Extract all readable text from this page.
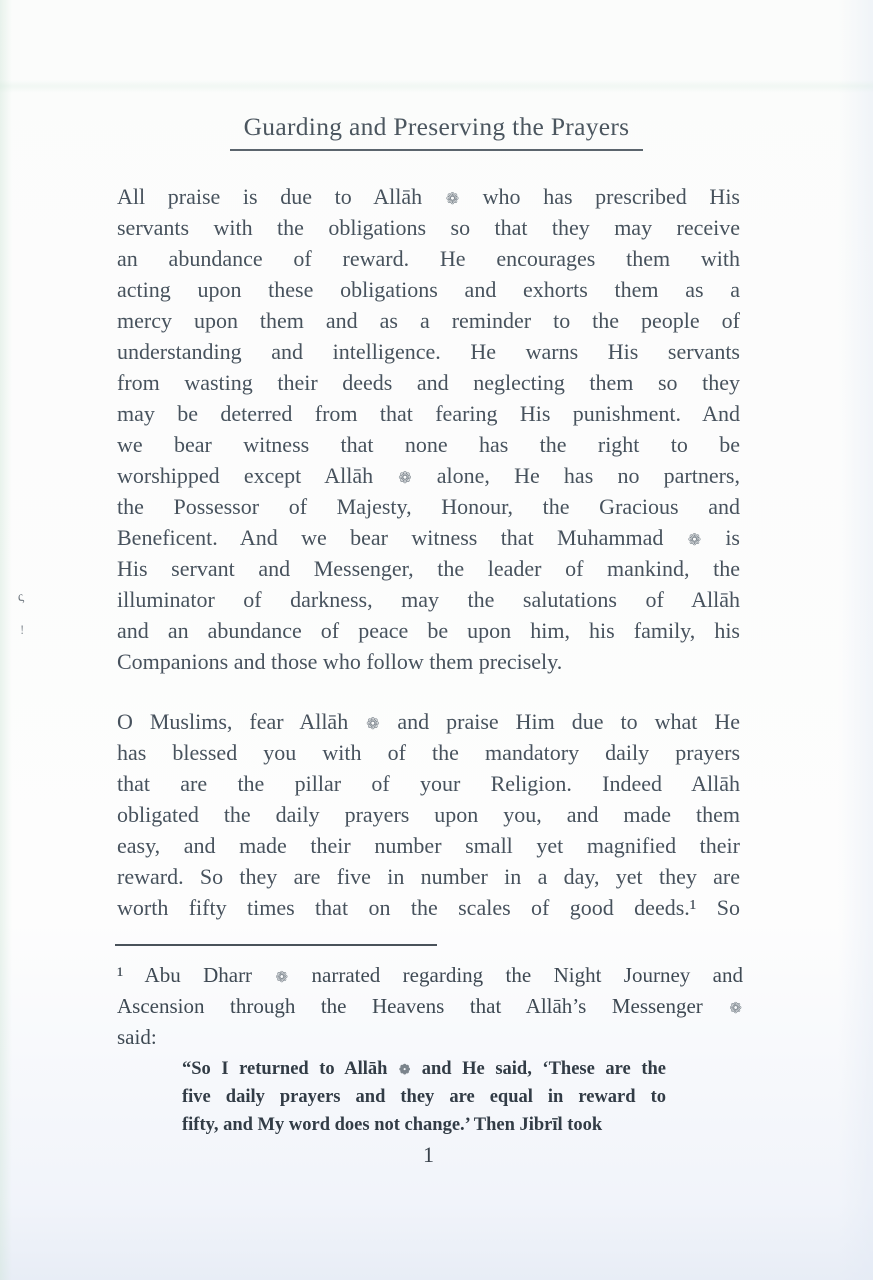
Guarding and Preserving the Prayers
All praise is due to Allāh ❁ who has prescribed His
servants with the obligations so that they may receive
an abundance of reward. He encourages them with
acting upon these obligations and exhorts them as a
mercy upon them and as a reminder to the people of
understanding and intelligence. He warns His servants
from wasting their deeds and neglecting them so they
may be deterred from that fearing His punishment. And
we bear witness that none has the right to be
worshipped except Allāh ❁ alone, He has no partners,
the Possessor of Majesty, Honour, the Gracious and
Beneficent. And we bear witness that Muhammad ❁ is
His servant and Messenger, the leader of mankind, the
illuminator of darkness, may the salutations of Allāh
and an abundance of peace be upon him, his family, his
Companions and those who follow them precisely.
O Muslims, fear Allāh ❁ and praise Him due to what He
has blessed you with of the mandatory daily prayers
that are the pillar of your Religion. Indeed Allāh
obligated the daily prayers upon you, and made them
easy, and made their number small yet magnified their
reward. So they are five in number in a day, yet they are
worth fifty times that on the scales of good deeds.¹ So
¹ Abu Dharr ❁ narrated regarding the Night Journey and
Ascension through the Heavens that Allāh’s Messenger ❁
said:
“So I returned to Allāh ❁ and He said, ‘These are the
five daily prayers and they are equal in reward to
fifty, and My word does not change.’ Then Jibrīl took
1
ς
!
